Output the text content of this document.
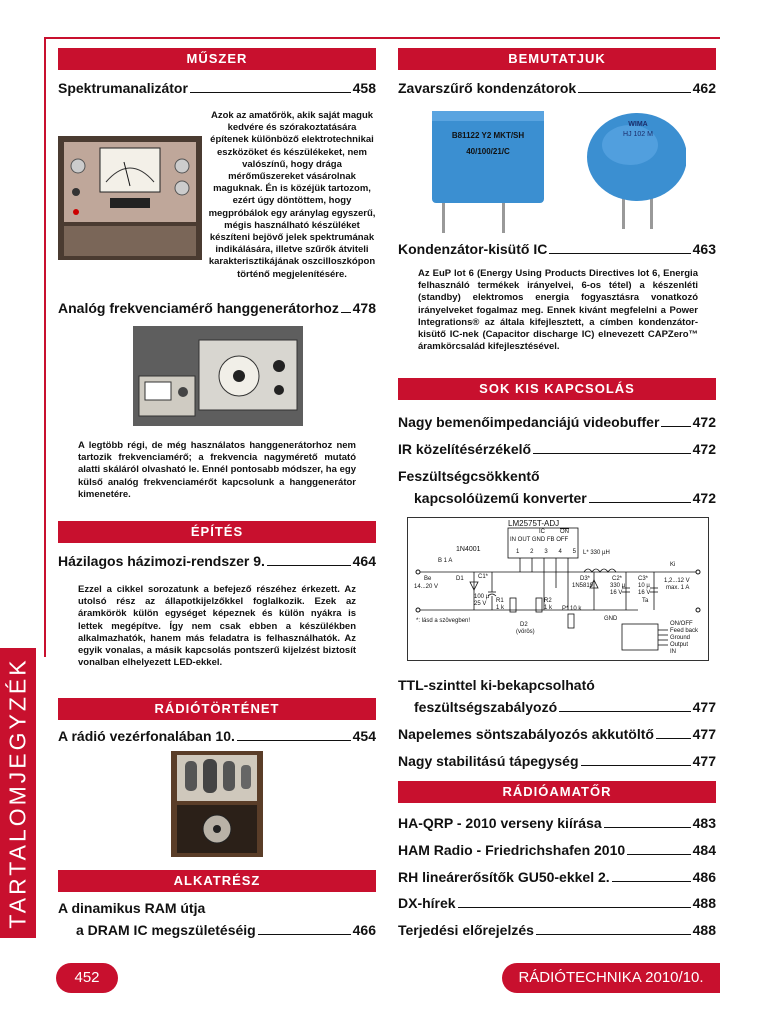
MŰSZER
Spektrumanalizátor	458
Azok az amatőrök, akik saját maguk kedvére és szórakoztatására építenek különböző elektrotechnikai eszközöket és készülékeket, nem valószínű, hogy drága mérőműszereket vásárolnak maguknak. Én is közéjük tartozom, ezért úgy döntöttem, hogy megpróbálok egy aránylag egyszerű, mégis használható készüléket készíteni bejövő jelek spektrumának indikálására, illetve szűrők átviteli karakterisztikájának oszcilloszkópon történő megjelenítésére.
Analóg frekvenciamérő hanggenerátorhoz 478
A legtöbb régi, de még használatos hanggenerátorhoz nem tartozik frekvenciamérő; a frekvencia nagymérető mutató alatti skáláról olvasható le. Ennél pontosabb módszer, ha egy külső analóg frekvenciamérőt kapcsolunk a hanggenerátor kimenetére.
ÉPÍTÉS
Házilagos házimozi-rendszer 9.	464
Ezzel a cikkel sorozatunk a befejező részéhez érkezett. Az utolsó rész az állapotkijelzőkkel foglalkozik. Ezek az áramkörök külön egységet képeznek és külön nyákra is lettek megépítve. Így nem csak ebben a készülékben alkalmazhatók, hanem más feladatra is felhasználhatók. Az egyik vonalas, a másik kapcsolás pontszerű kijelzést biztosít vonalban elhelyezett LED-ekkel.
RÁDIÓTÖRTÉNET
A rádió vezérfonalában 10.	454
ALKATRÉSZ
A dinamikus RAM útja
a DRAM IC megszületéséig	466
BEMUTATJUK
Zavarszűrő kondenzátorok	462
B81122 Y2 MKT/SH
40/100/21/C
WIMA
HJ 102 M
Kondenzátor-kisütő IC	463
Az EuP lot 6 (Energy Using Products Directives lot 6, Energia felhasználó termékek irányelvei, 6-os tétel) a készenléti (standby) elektromos energia fogyasztásra vonatkozó irányelveket fogalmaz meg. Ennek kivánt megfelelni a Power Integrations® az általa kifejlesztett, a címben kondenzátor-kisütő IC-nek (Capacitor discharge IC) elnevezett CAPZero™ áramkörcsalád kifejlesztésével.
SOK KIS KAPCSOLÁS
Nagy bemenőimpedanciájú videobuffer 472
IR közelítésérzékelő	472
Feszültségcsökkentő
kapcsolóüzemű konverter	472
LM2575T-ADJ
IC	$\overline{ON}$
IN OUT GND FB OFF
1 2 3 4 5
1N4001
B 1 A
Be
14...20 V
D1 C1*
100 µ
25 V
L* 330 µH
D3*
1N5819
C2*
330 µ
16 V
C3*
10 µ
16 V
Ta
Ki
1,2...12 V
max. 1 A
R1
1 k
R2
1 k P* 10 k
D2
(vörös)
*: lásd a szövegben!	GND
ON/OFF
Feed back
Ground
Output
IN
TTL-szinttel ki-bekapcsolható
feszültségszabályozó	477
Napelemes söntszabályozós akkutöltő	477
Nagy stabilitású tápegység	477
RÁDIÓAMATŐR
HA-QRP - 2010 verseny kiírása	483
HAM Radio - Friedrichshafen 2010	484
RH lineárerősítők GU50-ekkel 2.	486
DX-hírek	488
Terjedési előrejelzés	488
TARTALOMJEGYZÉK
452	RÁDIÓTECHNIKA 2010/10.
